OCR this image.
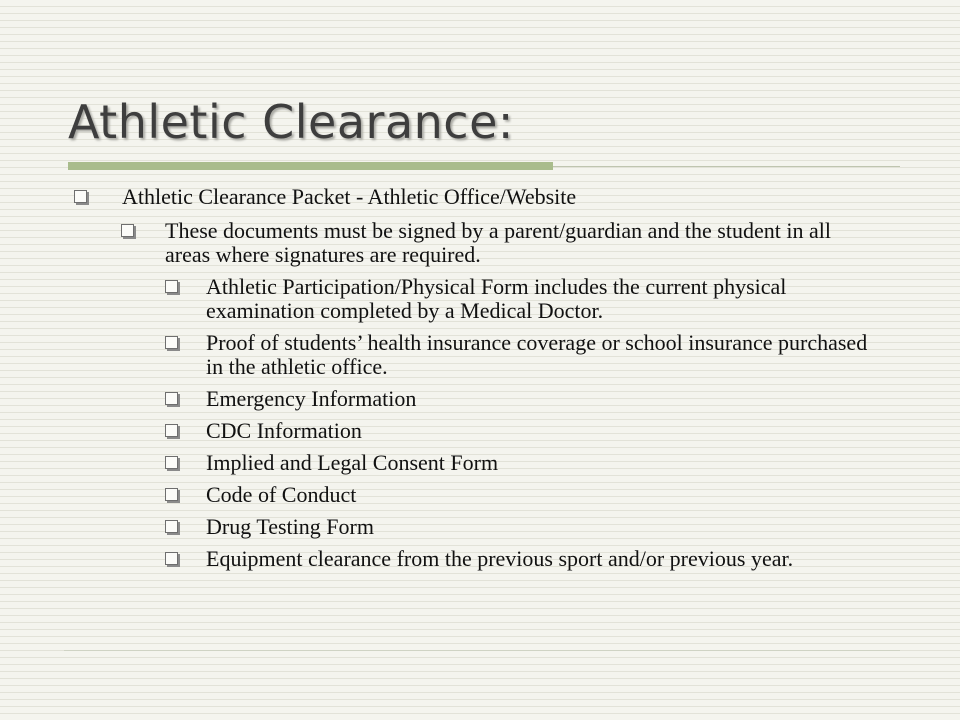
Athletic Clearance:
Athletic Clearance Packet - Athletic Office/Website
These documents must be signed by a parent/guardian and the student in all areas where signatures are required.
Athletic Participation/Physical Form includes the current physical examination completed by a Medical Doctor.
Proof of students’ health insurance coverage or school insurance purchased in the athletic office.
Emergency Information
CDC Information
Implied and Legal Consent Form
Code of Conduct
Drug Testing Form
Equipment clearance from the previous sport and/or previous year.
